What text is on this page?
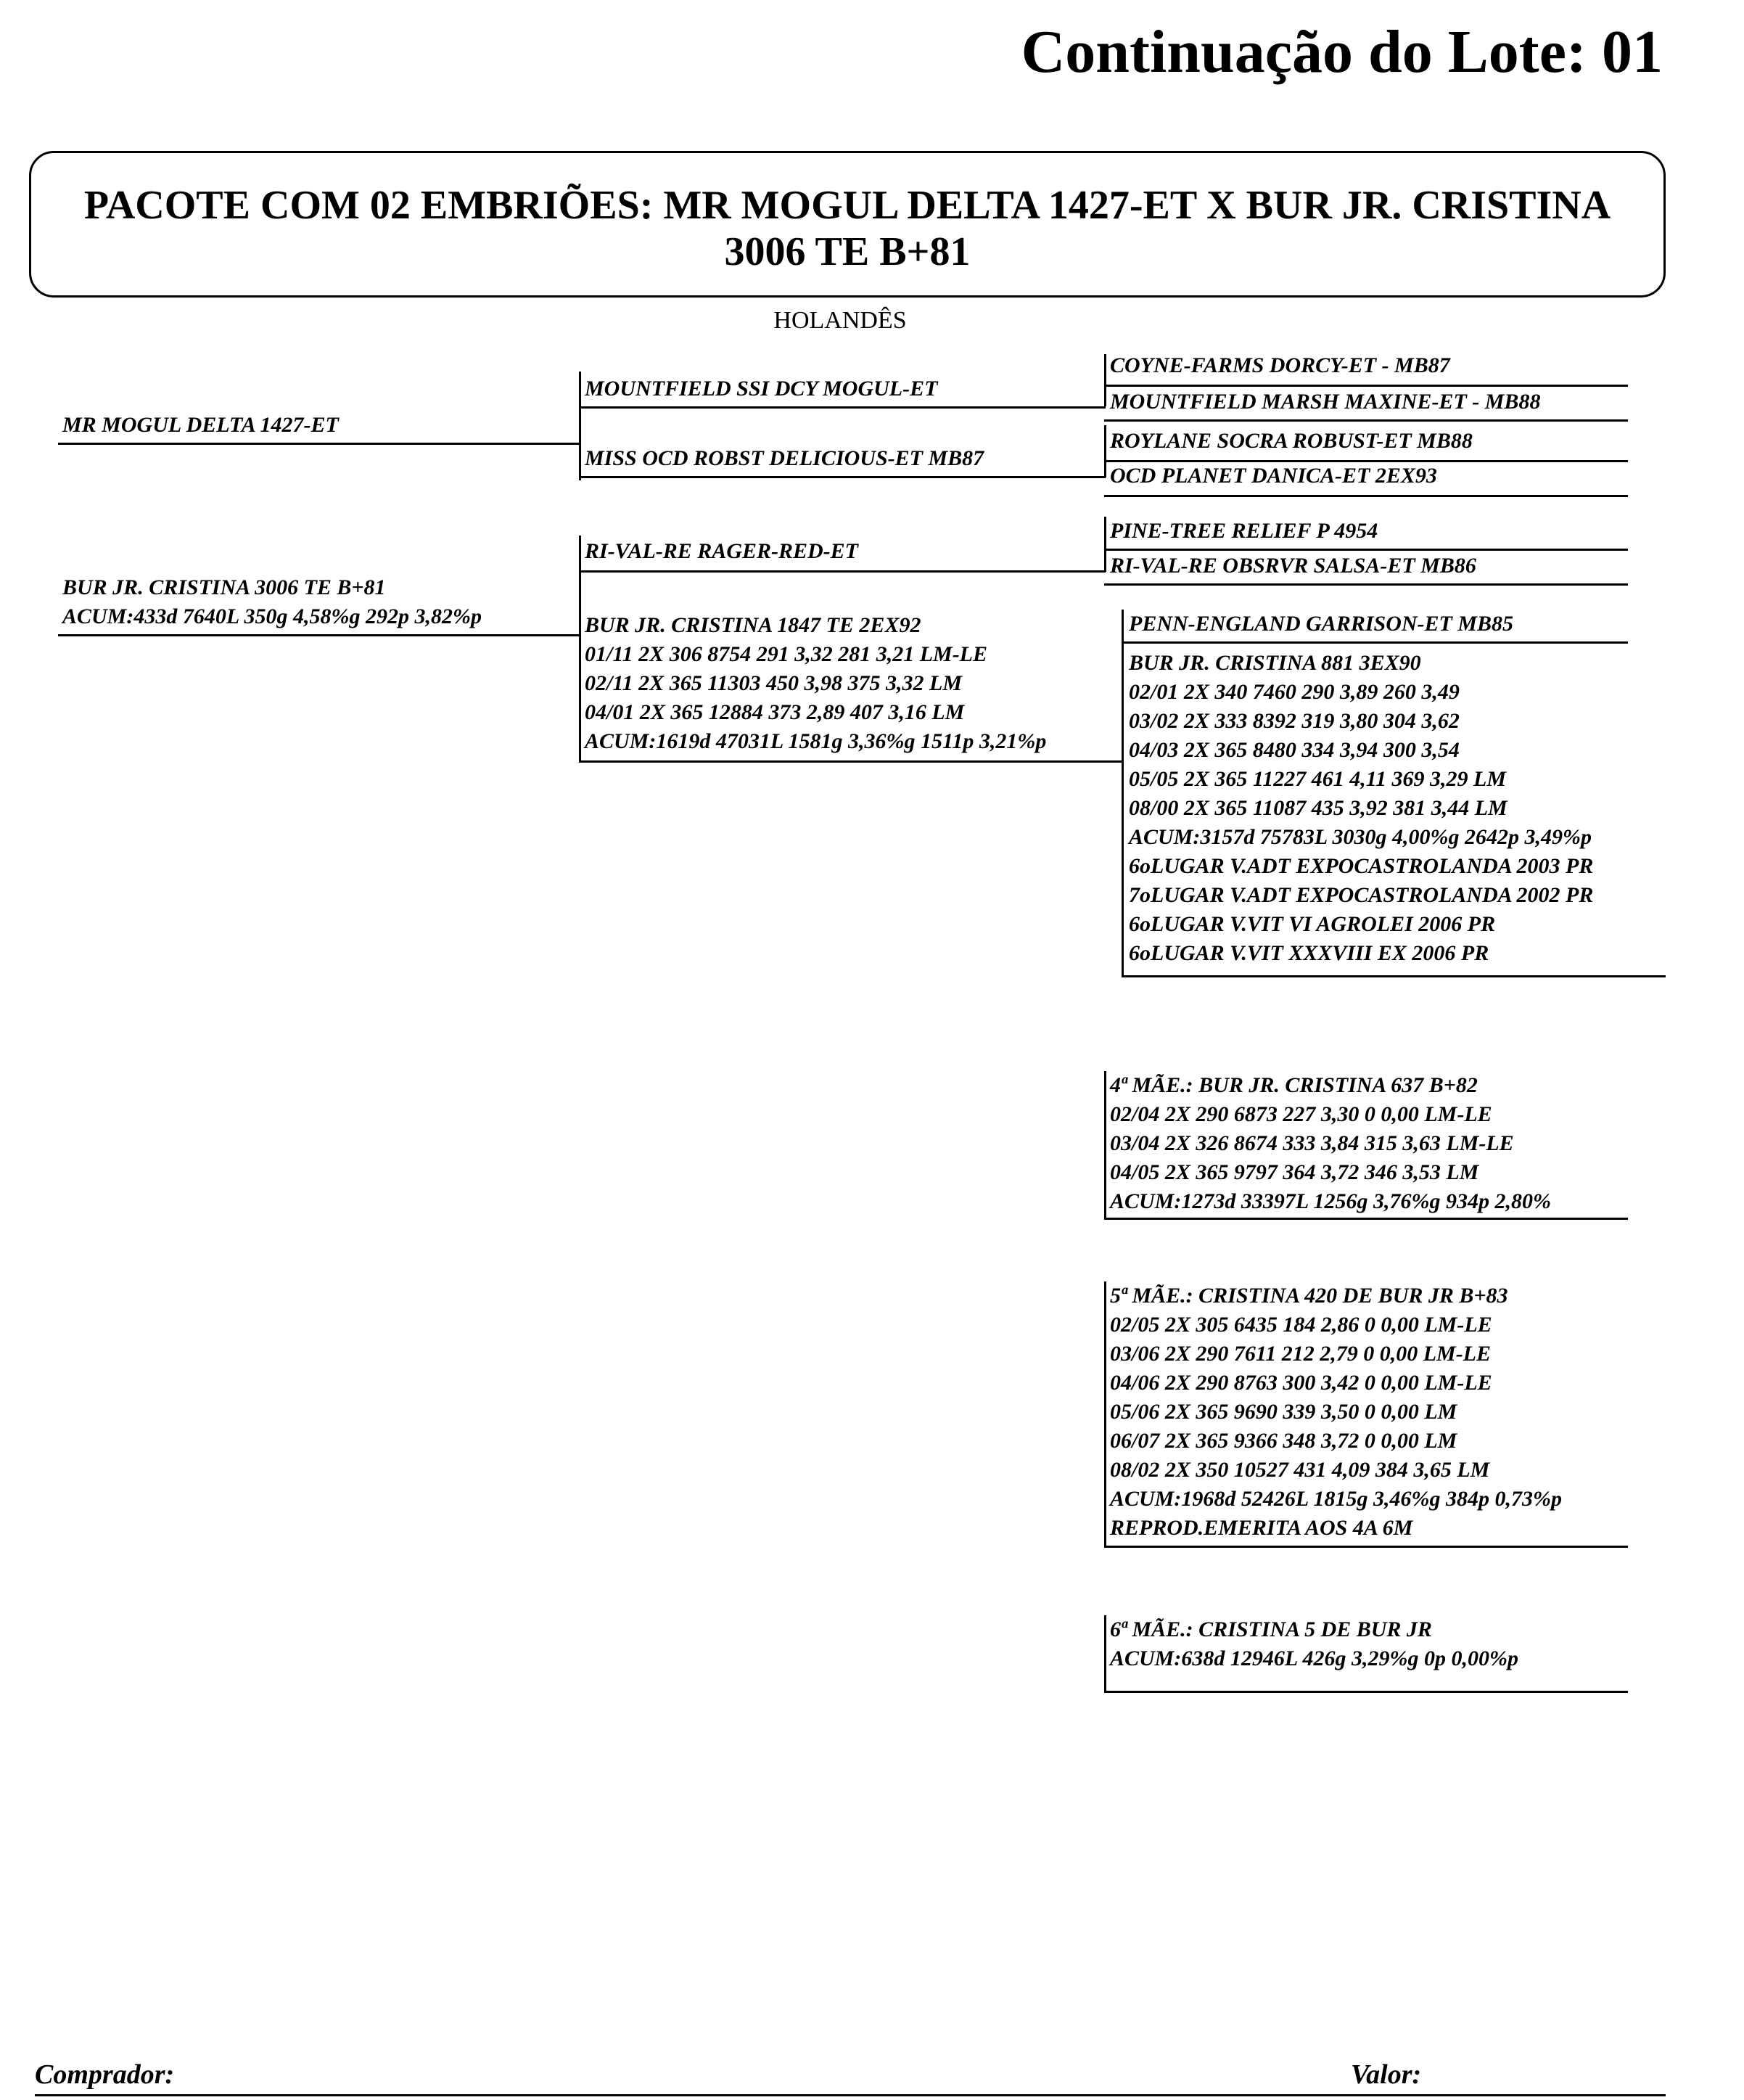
Continuação do Lote: 01
PACOTE COM 02 EMBRIÕES: MR MOGUL DELTA 1427-ET X BUR JR. CRISTINA
3006 TE B+81
HOLANDÊS
MR MOGUL DELTA 1427-ET
BUR JR. CRISTINA 3006 TE B+81
ACUM:433d 7640L 350g 4,58%g 292p 3,82%p
MOUNTFIELD SSI DCY MOGUL-ET
MISS OCD ROBST DELICIOUS-ET MB87
RI-VAL-RE RAGER-RED-ET
BUR JR. CRISTINA 1847 TE 2EX92
01/11 2X 306 8754 291 3,32 281 3,21 LM-LE
02/11 2X 365 11303 450 3,98 375 3,32 LM
04/01 2X 365 12884 373 2,89 407 3,16 LM
ACUM:1619d 47031L 1581g 3,36%g 1511p 3,21%p
COYNE-FARMS DORCY-ET - MB87
MOUNTFIELD MARSH MAXINE-ET - MB88
ROYLANE SOCRA ROBUST-ET MB88
OCD PLANET DANICA-ET 2EX93
PINE-TREE RELIEF P 4954
RI-VAL-RE OBSRVR SALSA-ET MB86
PENN-ENGLAND GARRISON-ET MB85
BUR JR. CRISTINA 881 3EX90
02/01 2X 340 7460 290 3,89 260 3,49
03/02 2X 333 8392 319 3,80 304 3,62
04/03 2X 365 8480 334 3,94 300 3,54
05/05 2X 365 11227 461 4,11 369 3,29 LM
08/00 2X 365 11087 435 3,92 381 3,44 LM
ACUM:3157d 75783L 3030g 4,00%g 2642p 3,49%p
6oLUGAR V.ADT EXPOCASTROLANDA 2003 PR
7oLUGAR V.ADT EXPOCASTROLANDA 2002 PR
6oLUGAR V.VIT VI AGROLEI 2006 PR
6oLUGAR V.VIT XXXVIII EX 2006 PR
4ª MÃE.: BUR JR. CRISTINA 637 B+82
02/04 2X 290 6873 227 3,30 0 0,00 LM-LE
03/04 2X 326 8674 333 3,84 315 3,63 LM-LE
04/05 2X 365 9797 364 3,72 346 3,53 LM
ACUM:1273d 33397L 1256g 3,76%g 934p 2,80%
5ª MÃE.: CRISTINA 420 DE BUR JR B+83
02/05 2X 305 6435 184 2,86 0 0,00 LM-LE
03/06 2X 290 7611 212 2,79 0 0,00 LM-LE
04/06 2X 290 8763 300 3,42 0 0,00 LM-LE
05/06 2X 365 9690 339 3,50 0 0,00 LM
06/07 2X 365 9366 348 3,72 0 0,00 LM
08/02 2X 350 10527 431 4,09 384 3,65 LM
ACUM:1968d 52426L 1815g 3,46%g 384p 0,73%p
REPROD.EMERITA AOS 4A 6M
6ª MÃE.: CRISTINA 5 DE BUR JR
ACUM:638d 12946L 426g 3,29%g 0p 0,00%p
Comprador:	Valor:
